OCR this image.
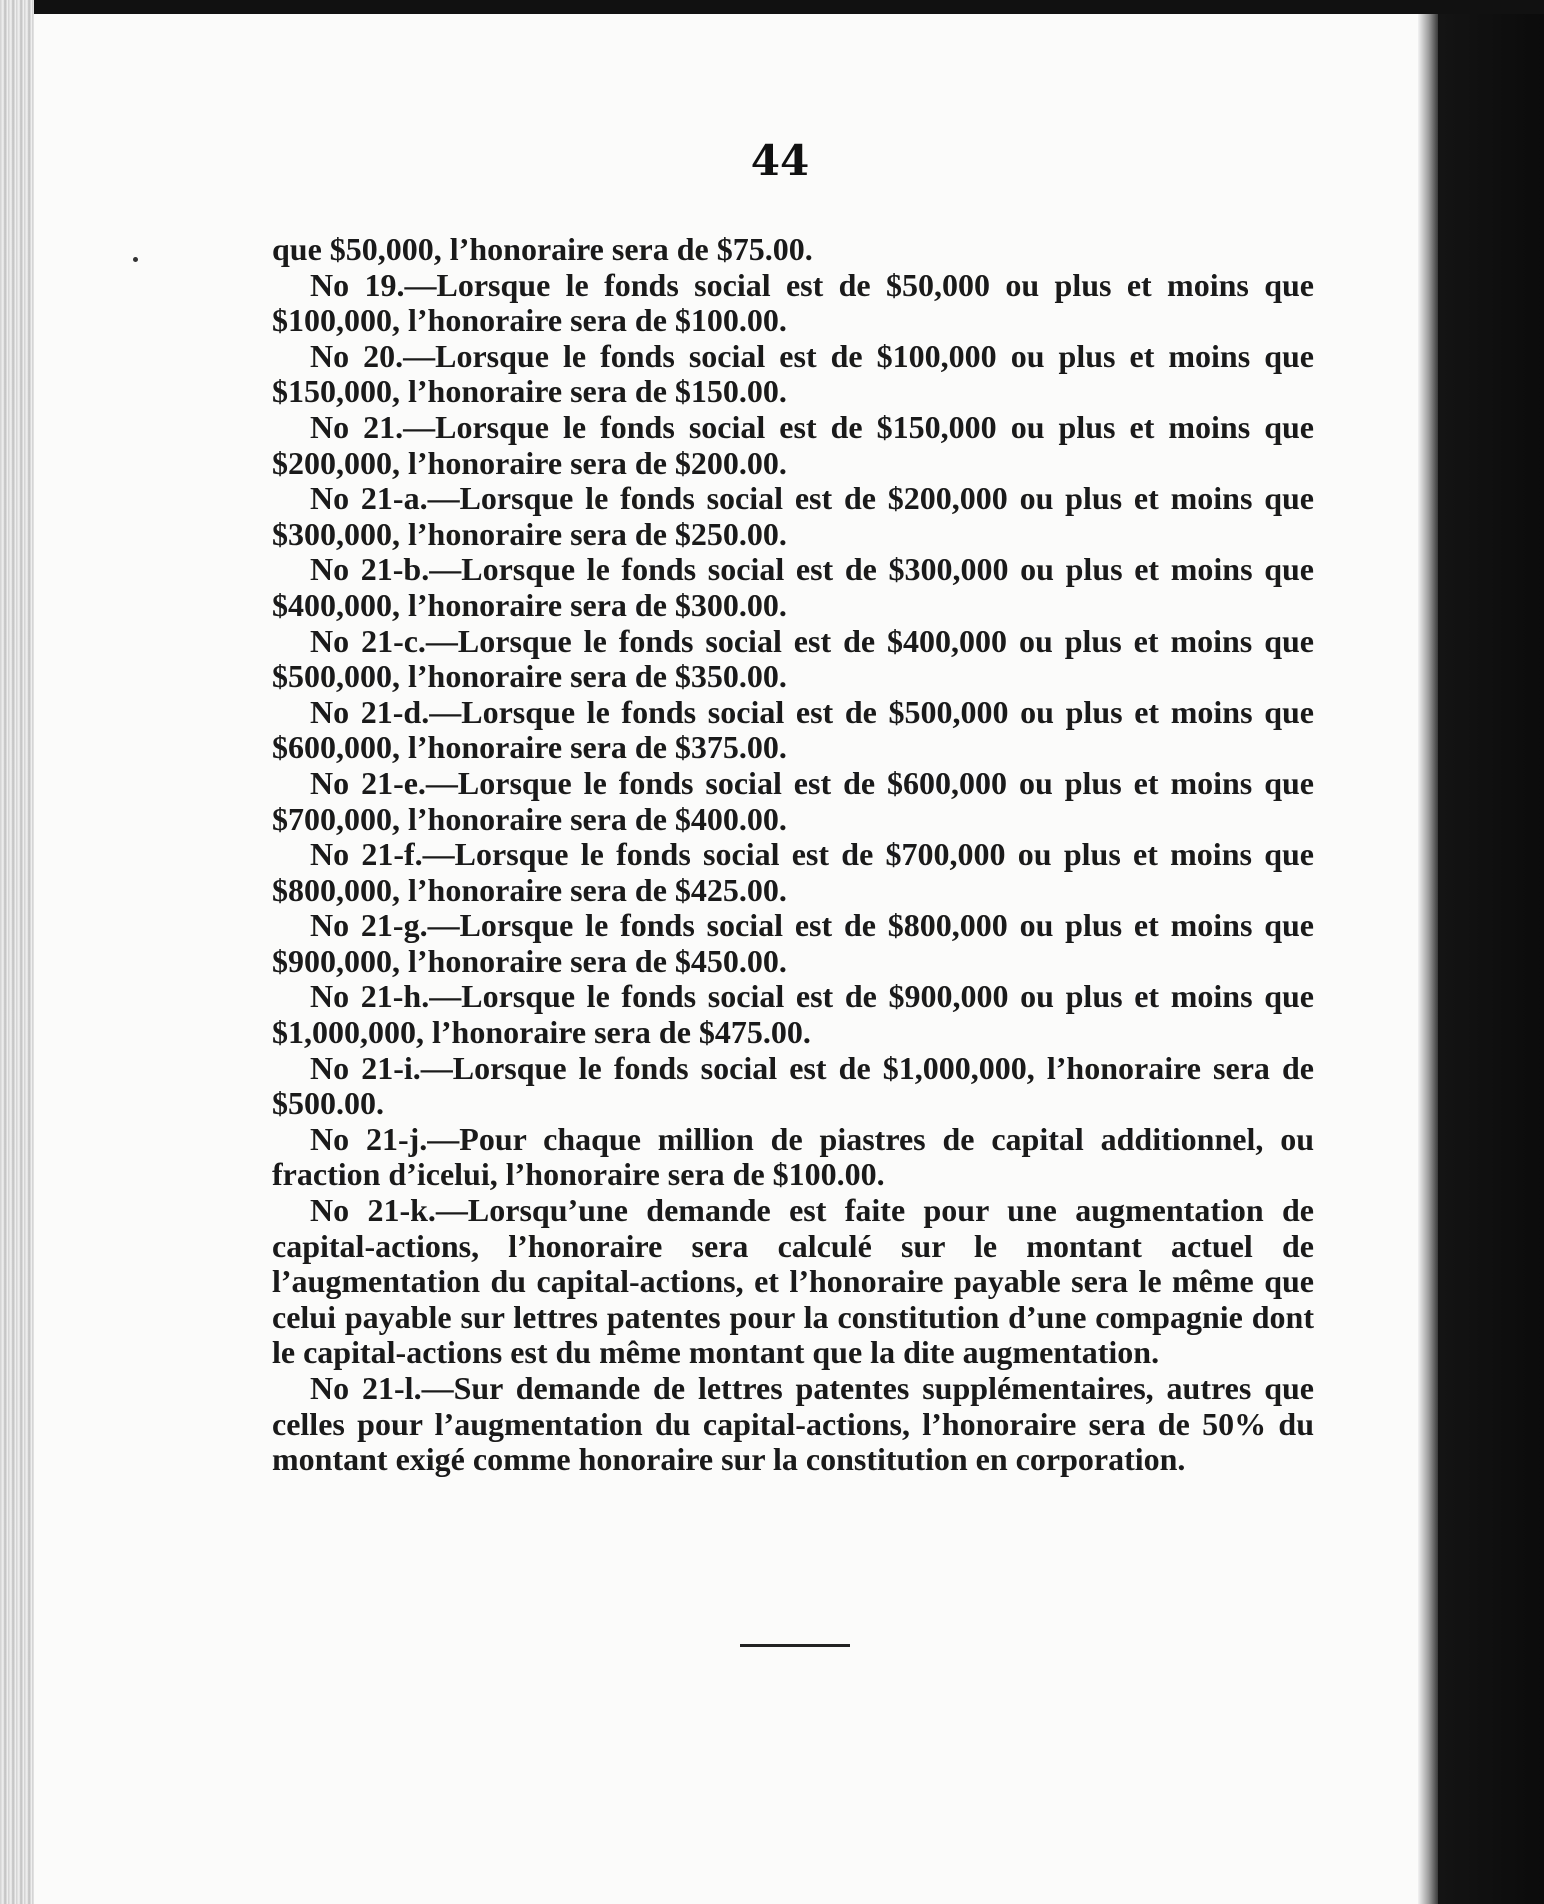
44

que $50,000, l’honoraire sera de $75.00.

No 19.—Lorsque le fonds social est de $50,000 ou plus et moins que $100,000, l’honoraire sera de $100.00.

No 20.—Lorsque le fonds social est de $100,000 ou plus et moins que $150,000, l’honoraire sera de $150.00.

No 21.—Lorsque le fonds social est de $150,000 ou plus et moins que $200,000, l’honoraire sera de $200.00.

No 21-a.—Lorsque le fonds social est de $200,000 ou plus et moins que $300,000, l’honoraire sera de $250.00.

No 21-b.—Lorsque le fonds social est de $300,000 ou plus et moins que $400,000, l’honoraire sera de $300.00.

No 21-c.—Lorsque le fonds social est de $400,000 ou plus et moins que $500,000, l’honoraire sera de $350.00.

No 21-d.—Lorsque le fonds social est de $500,000 ou plus et moins que $600,000, l’honoraire sera de $375.00.

No 21-e.—Lorsque le fonds social est de $600,000 ou plus et moins que $700,000, l’honoraire sera de $400.00.

No 21-f.—Lorsque le fonds social est de $700,000 ou plus et moins que $800,000, l’honoraire sera de $425.00.

No 21-g.—Lorsque le fonds social est de $800,000 ou plus et moins que $900,000, l’honoraire sera de $450.00.

No 21-h.—Lorsque le fonds social est de $900,000 ou plus et moins que $1,000,000, l’honoraire sera de $475.00.

No 21-i.—Lorsque le fonds social est de $1,000,000, l’honoraire sera de $500.00.

No 21-j.—Pour chaque million de piastres de capital additionnel, ou fraction d’icelui, l’honoraire sera de $100.00.

No 21-k.—Lorsqu’une demande est faite pour une augmentation de capital-actions, l’honoraire sera calculé sur le montant actuel de l’augmentation du capital-actions, et l’honoraire payable sera le même que celui payable sur lettres patentes pour la constitution d’une compagnie dont le capital-actions est du même montant que la dite augmentation.

No 21-l.—Sur demande de lettres patentes supplémentaires, autres que celles pour l’augmentation du capital-actions, l’honoraire sera de 50% du montant exigé comme honoraire sur la constitution en corporation.
